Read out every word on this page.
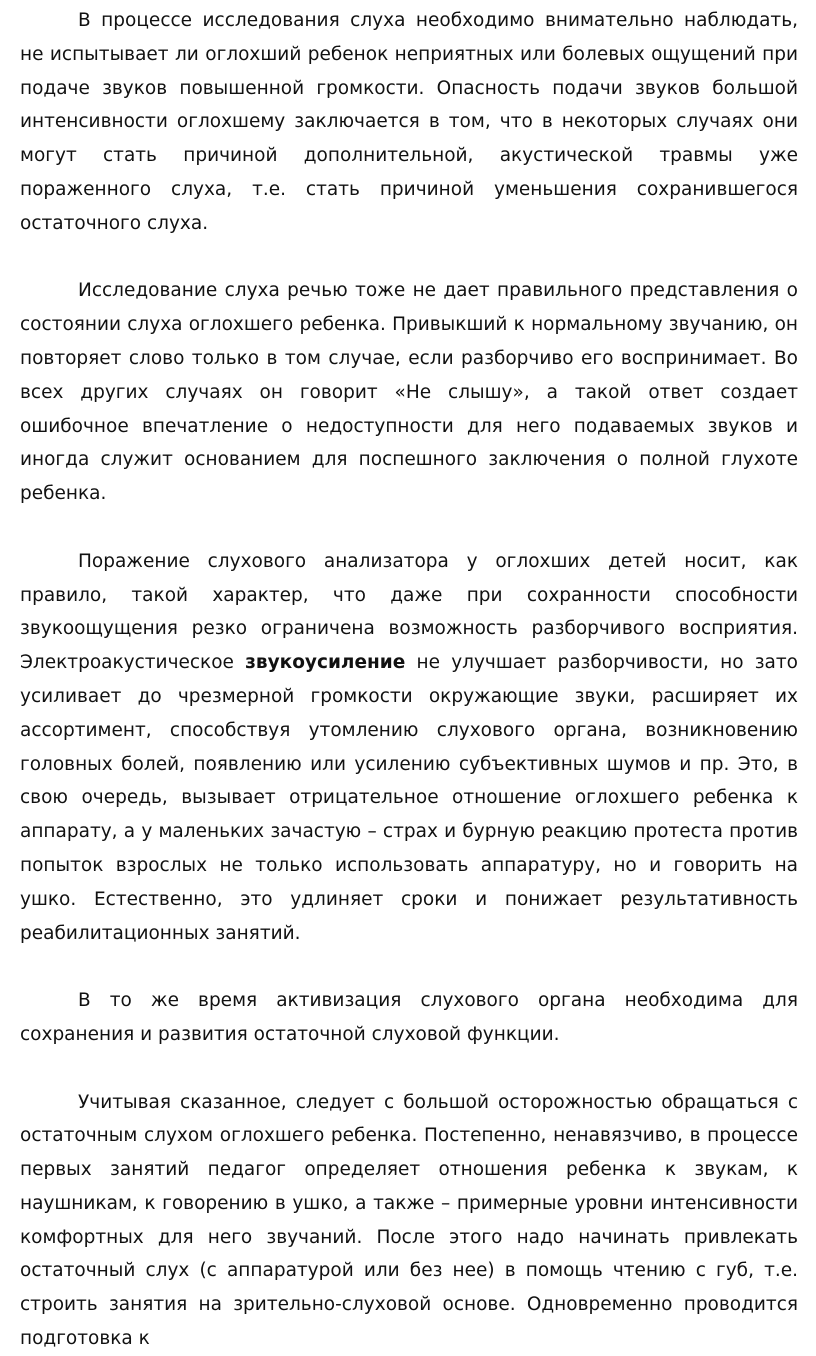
В процессе исследования слуха необходимо внимательно наблюдать, не испытывает ли оглохший ребенок неприятных или болевых ощущений при подаче звуков повышенной громкости. Опасность подачи звуков большой интенсивности оглохшему заключается в том, что в некоторых случаях они могут стать причиной дополнительной, акустической травмы уже пораженного слуха, т.е. стать причиной уменьшения сохранившегося остаточного слуха.

Исследование слуха речью тоже не дает правильного представления о состоянии слуха оглохшего ребенка. Привыкший к нормальному звучанию, он повторяет слово только в том случае, если разборчиво его воспринимает. Во всех других случаях он говорит «Не слышу», а такой ответ создает ошибочное впечатление о недоступности для него подаваемых звуков и иногда служит основанием для поспешного заключения о полной глухоте ребенка.

Поражение слухового анализатора у оглохших детей носит, как правило, такой характер, что даже при сохранности способности звукоощущения резко ограничена возможность разборчивого восприятия. Электроакустическое звукоусиление не улучшает разборчивости, но зато усиливает до чрезмерной громкости окружающие звуки, расширяет их ассортимент, способствуя утомлению слухового органа, возникновению головных болей, появлению или усилению субъективных шумов и пр. Это, в свою очередь, вызывает отрицательное отношение оглохшего ребенка к аппарату, а у маленьких зачастую – страх и бурную реакцию протеста против попыток взрослых не только использовать аппаратуру, но и говорить на ушко. Естественно, это удлиняет сроки и понижает результативность реабилитационных занятий.

В то же время активизация слухового органа необходима для сохранения и развития остаточной слуховой функции.

Учитывая сказанное, следует с большой осторожностью обращаться с остаточным слухом оглохшего ребенка. Постепенно, ненавязчиво, в процессе первых занятий педагог определяет отношения ребенка к звукам, к наушникам, к говорению в ушко, а также – примерные уровни интенсивности комфортных для него звучаний. После этого надо начинать привлекать остаточный слух (с аппаратурой или без нее) в помощь чтению с губ, т.е. строить занятия на зрительно-слуховой основе. Одновременно проводится подготовка к
